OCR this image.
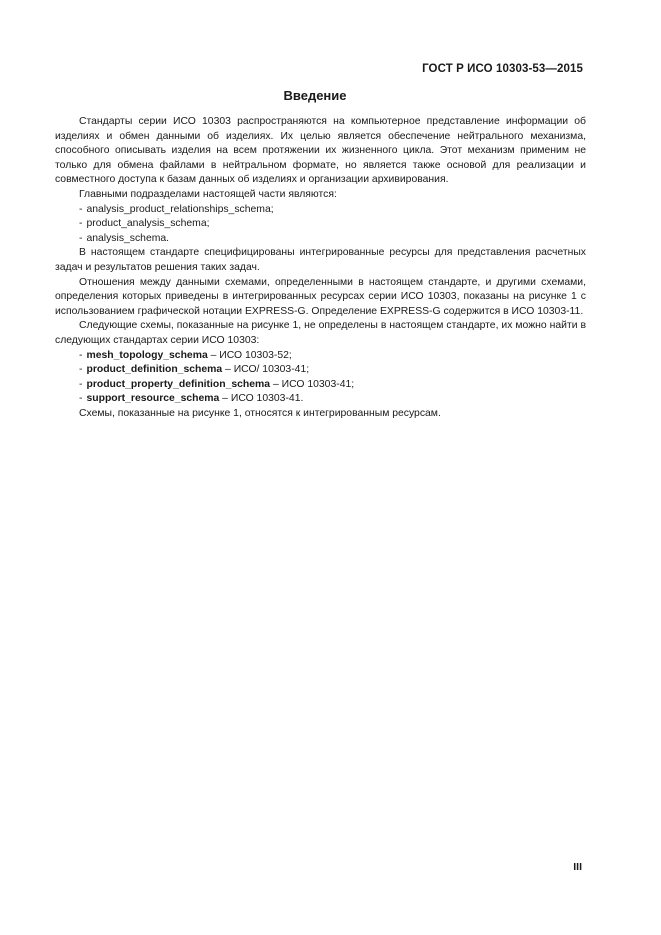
ГОСТ Р ИСО 10303-53—2015
Введение

Стандарты серии ИСО 10303 распространяются на компьютерное представление информации об изделиях и обмен данными об изделиях. Их целью является обеспечение нейтрального механизма, способного описывать изделия на всем протяжении их жизненного цикла. Этот механизм применим не только для обмена файлами в нейтральном формате, но является также основой для реализации и совместного доступа к базам данных об изделиях и организации архивирования.

Главными подразделами настоящей части являются:

- analysis_product_relationships_schema;

- product_analysis_schema;

- analysis_schema.

В настоящем стандарте специфицированы интегрированные ресурсы для представления расчетных задач и результатов решения таких задач.

Отношения между данными схемами, определенными в настоящем стандарте, и другими схемами, определения которых приведены в интегрированных ресурсах серии ИСО 10303, показаны на рисунке 1 с использованием графической нотации EXPRESS-G. Определение EXPRESS-G содержится в ИСО 10303-11.

Следующие схемы, показанные на рисунке 1, не определены в настоящем стандарте, их можно найти в следующих стандартах серии ИСО 10303:

- mesh_topology_schema – ИСО 10303-52;

- product_definition_schema – ИСО/ 10303-41;

- product_property_definition_schema – ИСО 10303-41;

- support_resource_schema – ИСО 10303-41.

Схемы, показанные на рисунке 1, относятся к интегрированным ресурсам.

III
